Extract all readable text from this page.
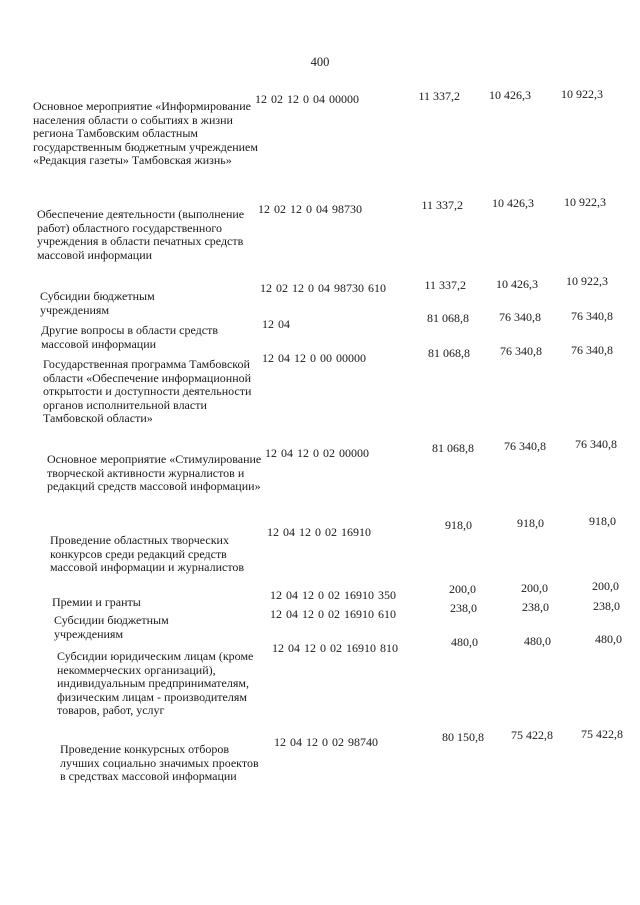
400
Основное мероприятие «Информирование населения области о событиях в жизни региона Тамбовским областным государственным бюджетным учреждением «Редакция газеты» Тамбовская жизнь»
12 02 12 0 04 00000	11 337,2	10 426,3	10 922,3
Обеспечение деятельности (выполнение работ) областного государственного учреждения в области печатных средств массовой информации
12 02 12 0 04 98730	11 337,2	10 426,3	10 922,3
Субсидии бюджетным учреждениям
12 02 12 0 04 98730 610	11 337,2	10 426,3	10 922,3
Другие вопросы в области средств массовой информации
12 04	81 068,8	76 340,8	76 340,8
Государственная программа Тамбовской области «Обеспечение информационной открытости и доступности деятельности органов исполнительной власти Тамбовской области»
12 04 12 0 00 00000	81 068,8	76 340,8	76 340,8
Основное мероприятие «Стимулирование творческой активности журналистов и редакций средств массовой информации»
12 04 12 0 02 00000	81 068,8	76 340,8	76 340,8
Проведение областных творческих конкурсов среди редакций средств массовой информации и журналистов
12 04 12 0 02 16910	918,0	918,0	918,0
Премии и гранты	12 04 12 0 02 16910 350	200,0	200,0	200,0
Субсидии бюджетным учреждениям
12 04 12 0 02 16910 610	238,0	238,0	238,0
Субсидии юридическим лицам (кроме некоммерческих организаций), индивидуальным предпринимателям, физическим лицам - производителям товаров, работ, услуг
12 04 12 0 02 16910 810	480,0	480,0	480,0
Проведение конкурсных отборов лучших социально значимых проектов в средствах массовой информации
12 04 12 0 02 98740	80 150,8	75 422,8	75 422,8
